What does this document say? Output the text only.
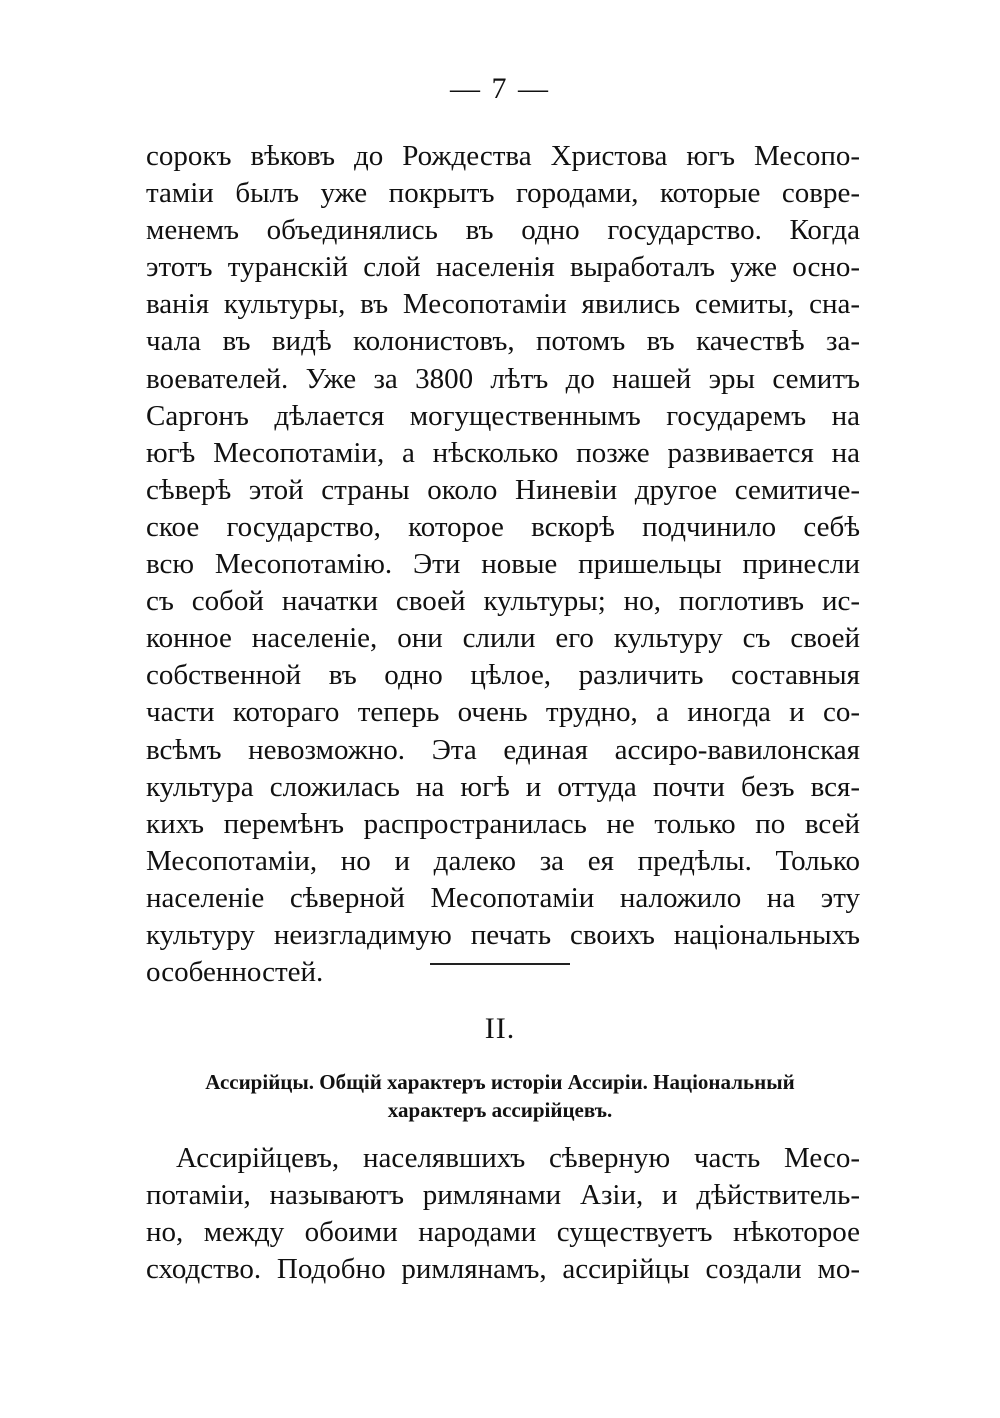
— 7 —
сорокъ вѣковъ до Рождества Христова югъ Месопо-
таміи былъ уже покрытъ городами, которые совре-
менемъ объединялись въ одно государство. Когда
этотъ туранскій слой населенія выработалъ уже осно-
ванія культуры, въ Месопотаміи явились семиты, сна-
чала въ видѣ колонистовъ, потомъ въ качествѣ за-
воевателей. Уже за 3800 лѣтъ до нашей эры семитъ
Саргонъ дѣлается могущественнымъ государемъ на
югѣ Месопотаміи, а нѣсколько позже развивается на
сѣверѣ этой страны около Ниневіи другое семитиче-
ское государство, которое вскорѣ подчинило себѣ
всю Месопотамію. Эти новые пришельцы принесли
съ собой начатки своей культуры; но, поглотивъ ис-
конное населеніе, они слили его культуру съ своей
собственной въ одно цѣлое, различить составныя
части котораго теперь очень трудно, а иногда и со-
всѣмъ невозможно. Эта единая ассиро-вавилонская
культура сложилась на югѣ и оттуда почти безъ вся-
кихъ перемѣнъ распространилась не только по всей
Месопотаміи, но и далеко за ея предѣлы. Только
населеніе сѣверной Месопотаміи наложило на эту
культуру неизгладимую печать своихъ національныхъ
особенностей.
II.
Ассирійцы. Общій характеръ исторіи Ассиріи. Національный
характеръ ассирійцевъ.
Ассирійцевъ, населявшихъ сѣверную часть Месо-
потаміи, называютъ римлянами Азіи, и дѣйствитель-
но, между обоими народами существуетъ нѣкоторое
сходство. Подобно римлянамъ, ассирійцы создали мо-
